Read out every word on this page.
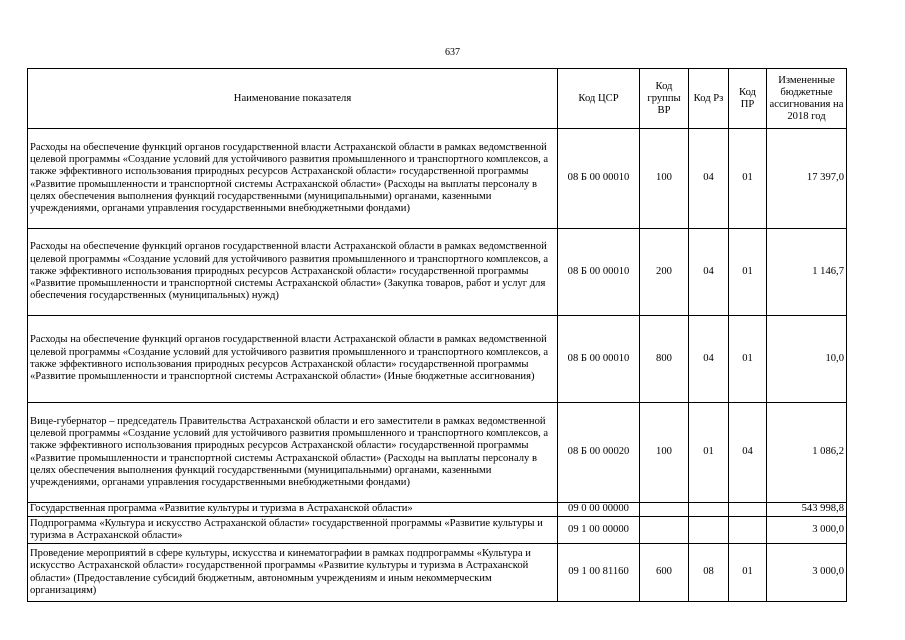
637
Наименование показателя	Код ЦСР	Код группы ВР	Код Рз	Код ПР	Измененные бюджетные ассигнования на 2018 год
Расходы на обеспечение функций органов государственной власти Астраханской области в рамках ведомственной целевой программы «Создание условий для устойчивого развития промышленного и транспортного комплексов, а также эффективного использования природных ресурсов Астраханской области» государственной программы «Развитие промышленности и транспортной системы Астраханской области» (Расходы на выплаты персоналу в целях обеспечения выполнения функций государственными (муниципальными) органами, казенными учреждениями, органами управления государственными внебюджетными фондами)	08 Б 00 00010	100	04	01	17 397,0
Расходы на обеспечение функций органов государственной власти Астраханской области в рамках ведомственной целевой программы «Создание условий для устойчивого развития промышленного и транспортного комплексов, а также эффективного использования природных ресурсов Астраханской области» государственной программы «Развитие промышленности и транспортной системы Астраханской области» (Закупка товаров, работ и услуг для обеспечения государственных (муниципальных) нужд)	08 Б 00 00010	200	04	01	1 146,7
Расходы на обеспечение функций органов государственной власти Астраханской области в рамках ведомственной целевой программы «Создание условий для устойчивого развития промышленного и транспортного комплексов, а также эффективного использования природных ресурсов Астраханской области» государственной программы «Развитие промышленности и транспортной системы Астраханской области» (Иные бюджетные ассигнования)	08 Б 00 00010	800	04	01	10,0
Вице-губернатор – председатель Правительства Астраханской области и его заместители в рамках ведомственной целевой программы «Создание условий для устойчивого развития промышленного и транспортного комплексов, а также эффективного использования природных ресурсов Астраханской области» государственной программы «Развитие промышленности и транспортной системы Астраханской области» (Расходы на выплаты персоналу в целях обеспечения выполнения функций государственными (муниципальными) органами, казенными учреждениями, органами управления государственными внебюджетными фондами)	08 Б 00 00020	100	01	04	1 086,2
Государственная программа «Развитие культуры и туризма в Астраханской области»	09 0 00 00000				543 998,8
Подпрограмма «Культура и искусство Астраханской области» государственной программы «Развитие культуры и туризма в Астраханской области»	09 1 00 00000				3 000,0
Проведение мероприятий в сфере культуры, искусства и кинематографии в рамках подпрограммы «Культура и искусство Астраханской области» государственной программы «Развитие культуры и туризма в Астраханской области» (Предоставление субсидий бюджетным, автономным учреждениям и иным некоммерческим организациям)	09 1 00 81160	600	08	01	3 000,0
